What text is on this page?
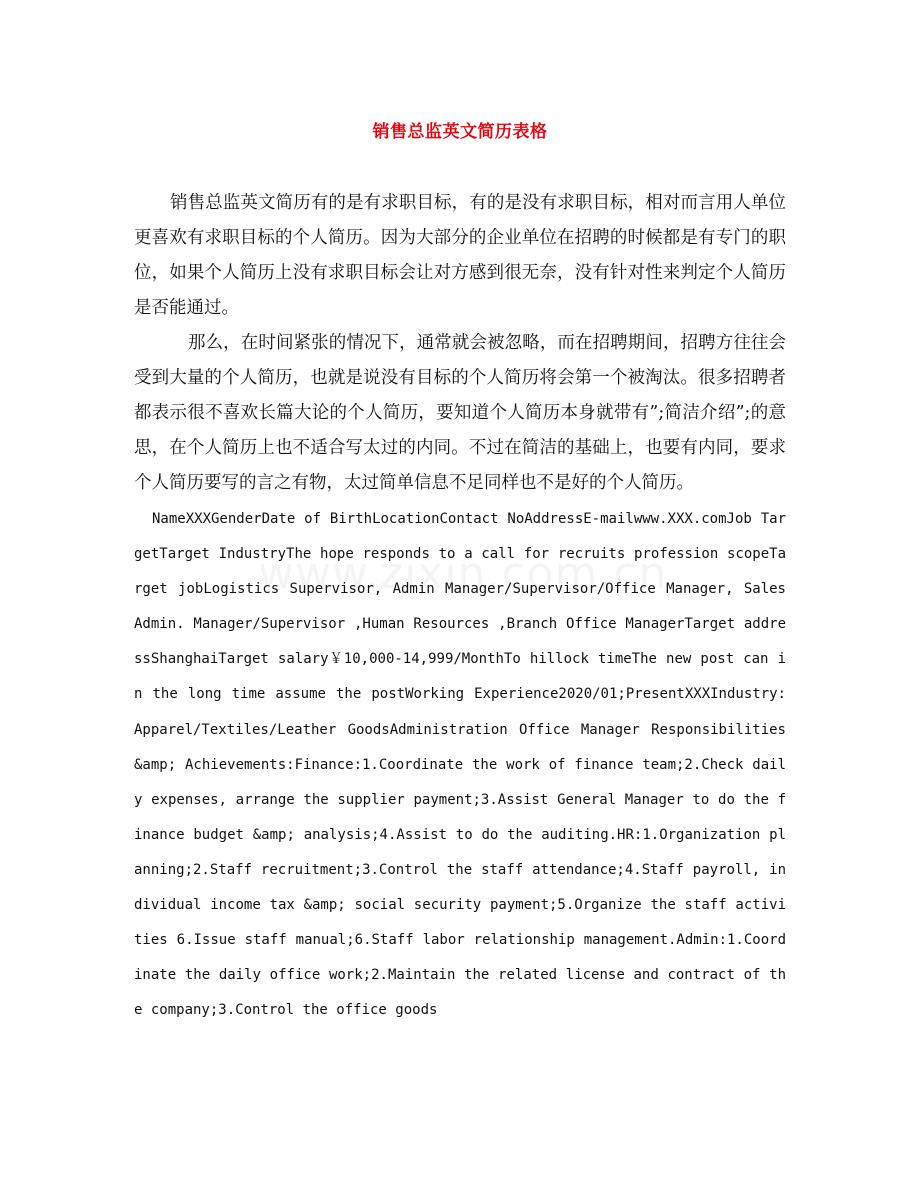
销售总监英文简历表格

销售总监英文简历有的是有求职目标，有的是没有求职目标，相对而言用人单位更喜欢有求职目标的个人简历。因为大部分的企业单位在招聘的时候都是有专门的职位，如果个人简历上没有求职目标会让对方感到很无奈，没有针对性来判定个人简历是否能通过。

那么，在时间紧张的情况下，通常就会被忽略，而在招聘期间，招聘方往往会受到大量的个人简历，也就是说没有目标的个人简历将会第一个被淘汰。很多招聘者都表示很不喜欢长篇大论的个人简历，要知道个人简历本身就带有”;简洁介绍”;的意思，在个人简历上也不适合写太过的内同。不过在简洁的基础上，也要有内同，要求个人简历要写的言之有物，太过简单信息不足同样也不是好的个人简历。

NameXXXGenderDate of BirthLocationContact NoAddressE-mailwww.XXX.comJob TargetTarget IndustryThe hope responds to a call for recruits profession scopeTarget jobLogistics Supervisor, Admin Manager/Supervisor/Office Manager, Sales Admin. Manager/Supervisor ,Human Resources ,Branch Office ManagerTarget addressShanghaiTarget salary￥10,000-14,999/MonthTo hillock timeThe new post can in the long time assume the postWorking Experience2020/01;PresentXXXIndustry: Apparel/Textiles/Leather GoodsAdministration Office Manager Responsibilities &amp; Achievements:Finance:1.Coordinate the work of finance team;2.Check daily expenses, arrange the supplier payment;3.Assist General Manager to do the finance budget &amp; analysis;4.Assist to do the auditing.HR:1.Organization planning;2.Staff recruitment;3.Control the staff attendance;4.Staff payroll, individual income tax &amp; social security payment;5.Organize the staff activities 6.Issue staff manual;6.Staff labor relationship management.Admin:1.Coordinate the daily office work;2.Maintain the related license and contract of the company;3.Control the office goods
